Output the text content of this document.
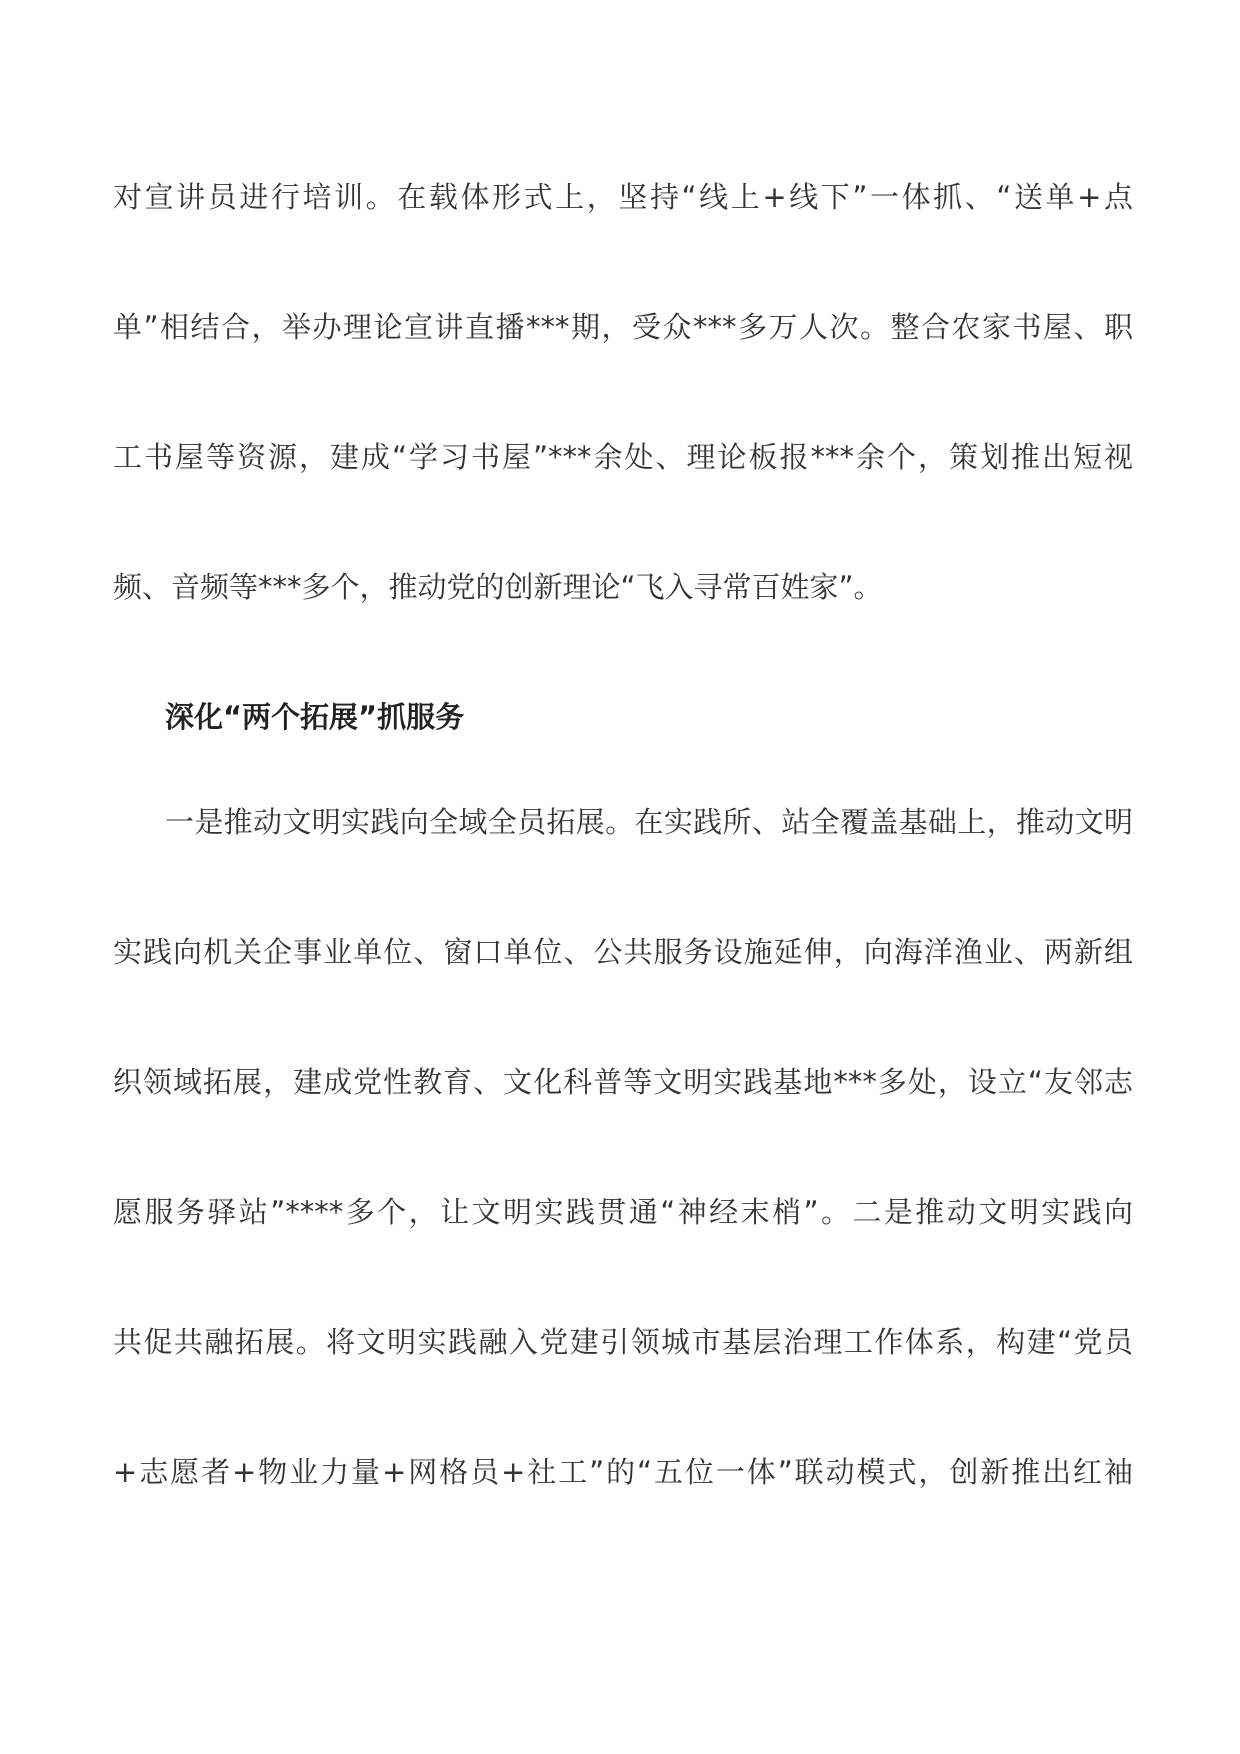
对宣讲员进行培训。在载体形式上，坚持“线上+线下”一体抓、“送单+点
单”相结合，举办理论宣讲直播***期，受众***多万人次。整合农家书屋、职
工书屋等资源，建成“学习书屋”***余处、理论板报***余个，策划推出短视
频、音频等***多个，推动党的创新理论“飞入寻常百姓家”。
深化“两个拓展”抓服务
一是推动文明实践向全域全员拓展。在实践所、站全覆盖基础上，推动文明
实践向机关企事业单位、窗口单位、公共服务设施延伸，向海洋渔业、两新组
织领域拓展，建成党性教育、文化科普等文明实践基地***多处，设立“友邻志
愿服务驿站”****多个，让文明实践贯通“神经末梢”。二是推动文明实践向
共促共融拓展。将文明实践融入党建引领城市基层治理工作体系，构建“党员
+志愿者+物业力量+网格员+社工”的“五位一体”联动模式，创新推出红袖
